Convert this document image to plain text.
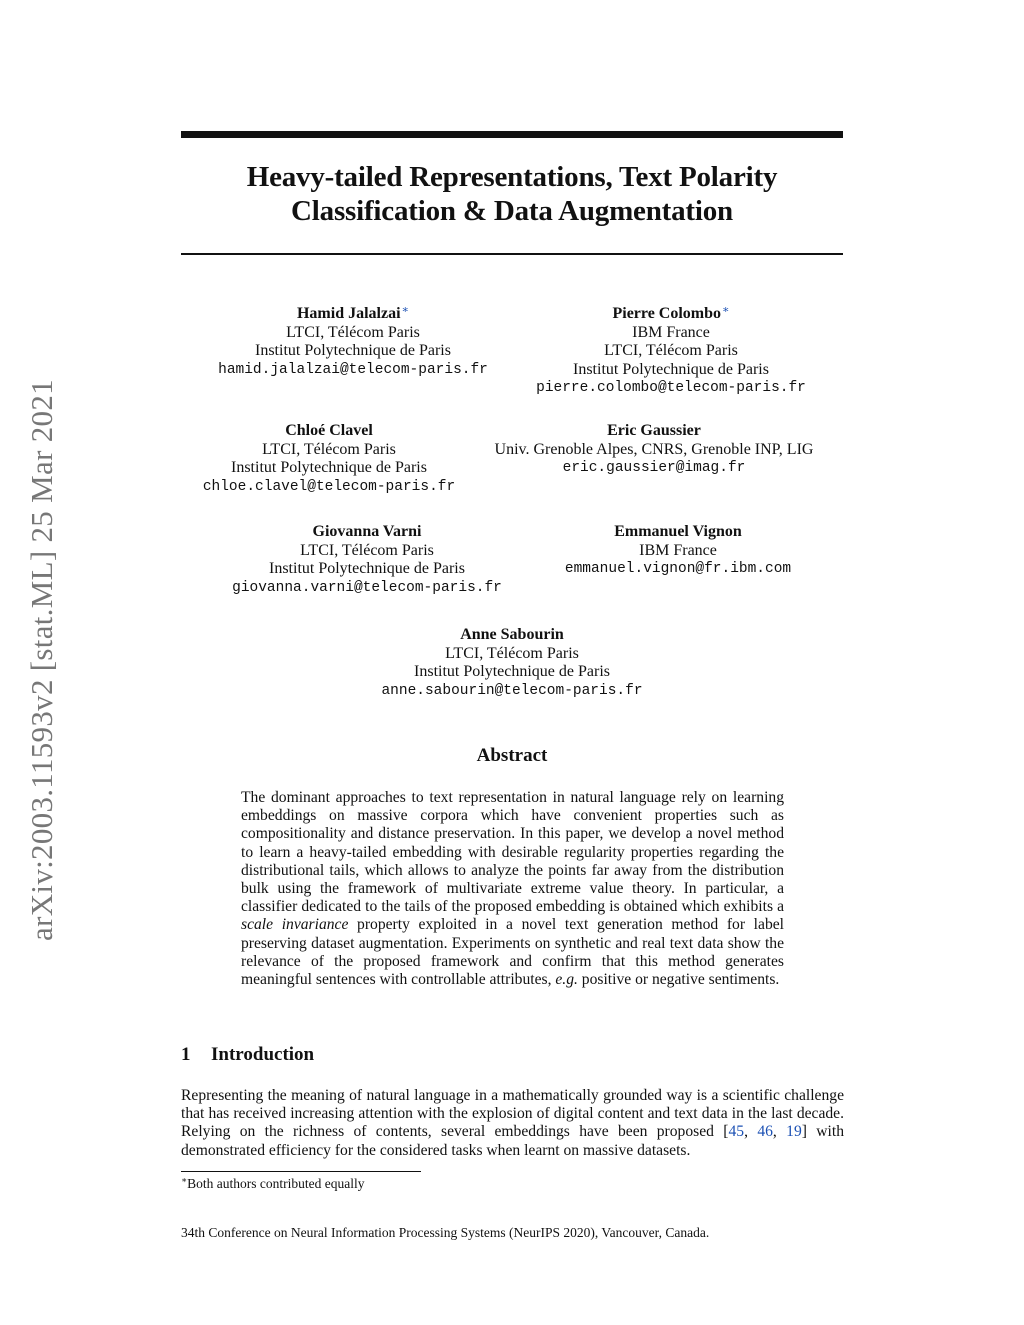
arXiv:2003.11593v2 [stat.ML] 25 Mar 2021
Heavy-tailed Representations, Text Polarity
Classification & Data Augmentation
Hamid Jalalzai∗
LTCI, Télécom Paris
Institut Polytechnique de Paris
hamid.jalalzai@telecom-paris.fr
Pierre Colombo∗
IBM France
LTCI, Télécom Paris
Institut Polytechnique de Paris
pierre.colombo@telecom-paris.fr
Chloé Clavel
LTCI, Télécom Paris
Institut Polytechnique de Paris
chloe.clavel@telecom-paris.fr
Eric Gaussier
Univ. Grenoble Alpes, CNRS, Grenoble INP, LIG
eric.gaussier@imag.fr
Giovanna Varni
LTCI, Télécom Paris
Institut Polytechnique de Paris
giovanna.varni@telecom-paris.fr
Emmanuel Vignon
IBM France
emmanuel.vignon@fr.ibm.com
Anne Sabourin
LTCI, Télécom Paris
Institut Polytechnique de Paris
anne.sabourin@telecom-paris.fr
Abstract
The dominant approaches to text representation in natural language rely on learning embeddings on massive corpora which have convenient properties such as compositionality and distance preservation. In this paper, we develop a novel method to learn a heavy-tailed embedding with desirable regularity properties regarding the distributional tails, which allows to analyze the points far away from the distribution bulk using the framework of multivariate extreme value theory. In particular, a classifier dedicated to the tails of the proposed embedding is obtained which exhibits a scale invariance property exploited in a novel text generation method for label preserving dataset augmentation. Experiments on synthetic and real text data show the relevance of the proposed framework and confirm that this method generates meaningful sentences with controllable attributes, e.g. positive or negative sentiments.
1 Introduction
Representing the meaning of natural language in a mathematically grounded way is a scientific challenge that has received increasing attention with the explosion of digital content and text data in the last decade. Relying on the richness of contents, several embeddings have been proposed [45, 46, 19] with demonstrated efficiency for the considered tasks when learnt on massive datasets.
∗Both authors contributed equally
34th Conference on Neural Information Processing Systems (NeurIPS 2020), Vancouver, Canada.
